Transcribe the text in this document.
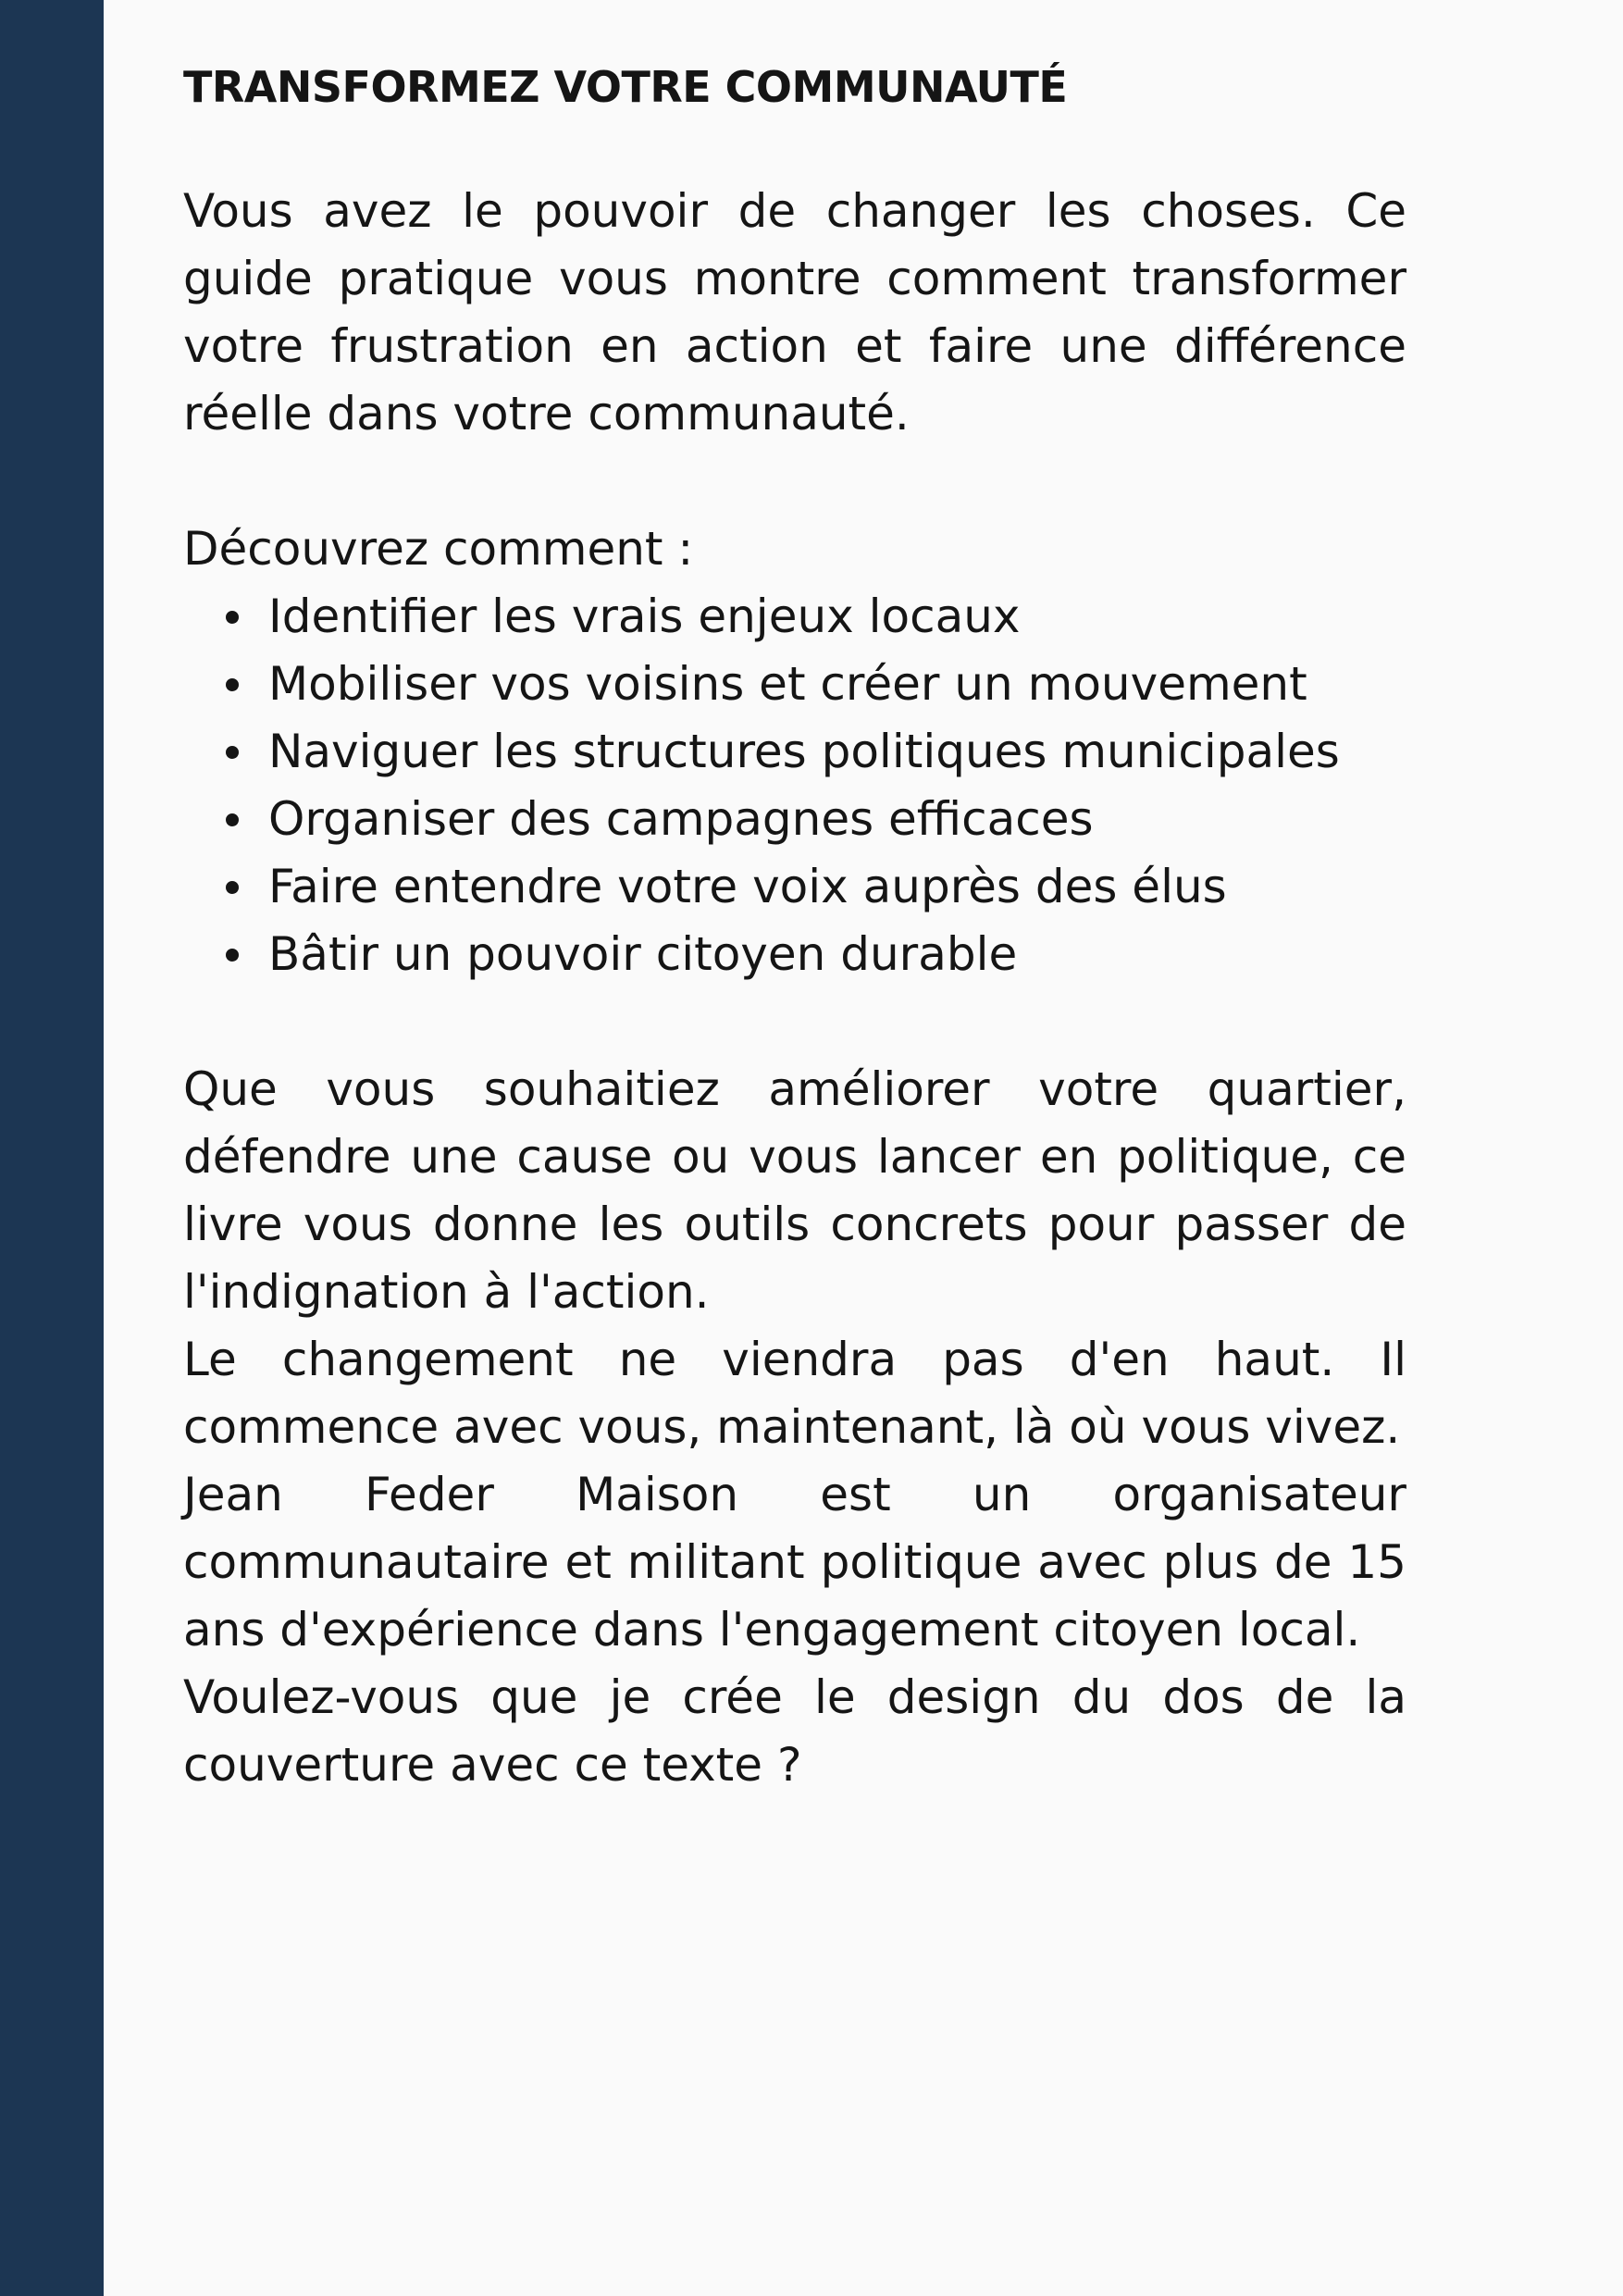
TRANSFORMEZ VOTRE COMMUNAUTÉ

Vous avez le pouvoir de changer les choses. Ce guide pratique vous montre comment transformer votre frustration en action et faire une différence réelle dans votre communauté.

Découvrez comment :

Identifier les vrais enjeux locaux
Mobiliser vos voisins et créer un mouvement
Naviguer les structures politiques municipales
Organiser des campagnes efficaces
Faire entendre votre voix auprès des élus
Bâtir un pouvoir citoyen durable

Que vous souhaitiez améliorer votre quartier, défendre une cause ou vous lancer en politique, ce livre vous donne les outils concrets pour passer de l'indignation à l'action.

Le changement ne viendra pas d'en haut. Il commence avec vous, maintenant, là où vous vivez.

Jean Feder Maison est un organisateur communautaire et militant politique avec plus de 15 ans d'expérience dans l'engagement citoyen local.

Voulez-vous que je crée le design du dos de la couverture avec ce texte ?
